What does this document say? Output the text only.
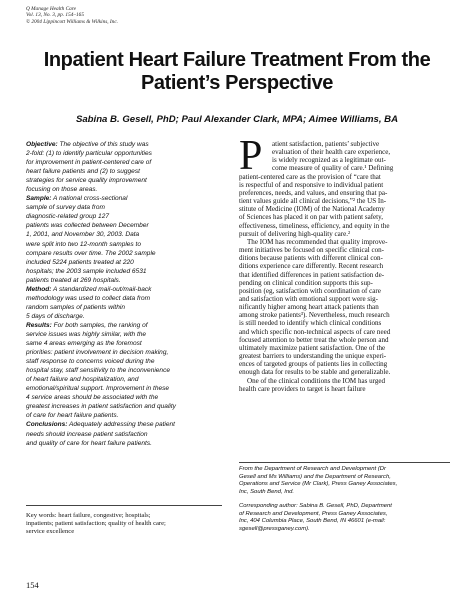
Q Manage Health Care
Vol. 13, No. 3, pp. 154–165
© 2004 Lippincott Williams & Wilkins, Inc.
Inpatient Heart Failure Treatment From the
Patient’s Perspective
Sabina B. Gesell, PhD; Paul Alexander Clark, MPA; Aimee Williams, BA
Objective: The objective of this study was
2-fold: (1) to identify particular opportunities
for improvement in patient-centered care of
heart failure patients and (2) to suggest
strategies for service quality improvement
focusing on those areas.
Sample: A national cross-sectional
sample of survey data from
diagnostic-related group 127
patients was collected between December
1, 2001, and November 30, 2003. Data
were split into two 12-month samples to
compare results over time. The 2002 sample
included 5224 patients treated at 220
hospitals; the 2003 sample included 6531
patients treated at 269 hospitals.
Method: A standardized mail-out/mail-back
methodology was used to collect data from
random samples of patients within
5 days of discharge.
Results: For both samples, the ranking of
service issues was highly similar, with the
same 4 areas emerging as the foremost
priorities: patient involvement in decision making,
staff response to concerns voiced during the
hospital stay, staff sensitivity to the inconvenience
of heart failure and hospitalization, and
emotional/spiritual support. Improvement in these
4 service areas should be associated with the
greatest increases in patient satisfaction and quality
of care for heart failure patients.
Conclusions: Adequately addressing these patient
needs should increase patient satisfaction
and quality of care for heart failure patients.
Key words: heart failure, congestive; hospitals;
inpatients; patient satisfaction; quality of health care;
service excellence
154
P	atient satisfaction, patients’ subjective
evaluation of their health care experience,
is widely recognized as a legitimate out-
come measure of quality of care.¹ Defining
patient-centered care as the provision of “care that
is respectful of and responsive to individual patient
preferences, needs, and values, and ensuring that pa-
tient values guide all clinical decisions,”² the US In-
stitute of Medicine (IOM) of the National Academy
of Sciences has placed it on par with patient safety,
effectiveness, timeliness, efficiency, and equity in the
pursuit of delivering high-quality care.²
The IOM has recommended that quality improve-
ment initiatives be focused on specific clinical con-
ditions because patients with different clinical con-
ditions experience care differently. Recent research
that identified differences in patient satisfaction de-
pending on clinical condition supports this sup-
position (eg, satisfaction with coordination of care
and satisfaction with emotional support were sig-
nificantly higher among heart attack patients than
among stroke patients³). Nevertheless, much research
is still needed to identify which clinical conditions
and which specific non-technical aspects of care need
focused attention to better treat the whole person and
ultimately maximize patient satisfaction. One of the
greatest barriers to understanding the unique experi-
ences of targeted groups of patients lies in collecting
enough data for results to be stable and generalizable.
One of the clinical conditions the IOM has urged
health care providers to target is heart failure
From the Department of Research and Development (Dr
Gesell and Ms Williams) and the Department of Research,
Operations and Service (Mr Clark), Press Ganey Associates,
Inc, South Bend, Ind.
Corresponding author: Sabina B. Gesell, PhD, Department
of Research and Development, Press Ganey Associates,
Inc, 404 Columbia Place, South Bend, IN 46601 (e-mail:
sgesell@pressganey.com).
